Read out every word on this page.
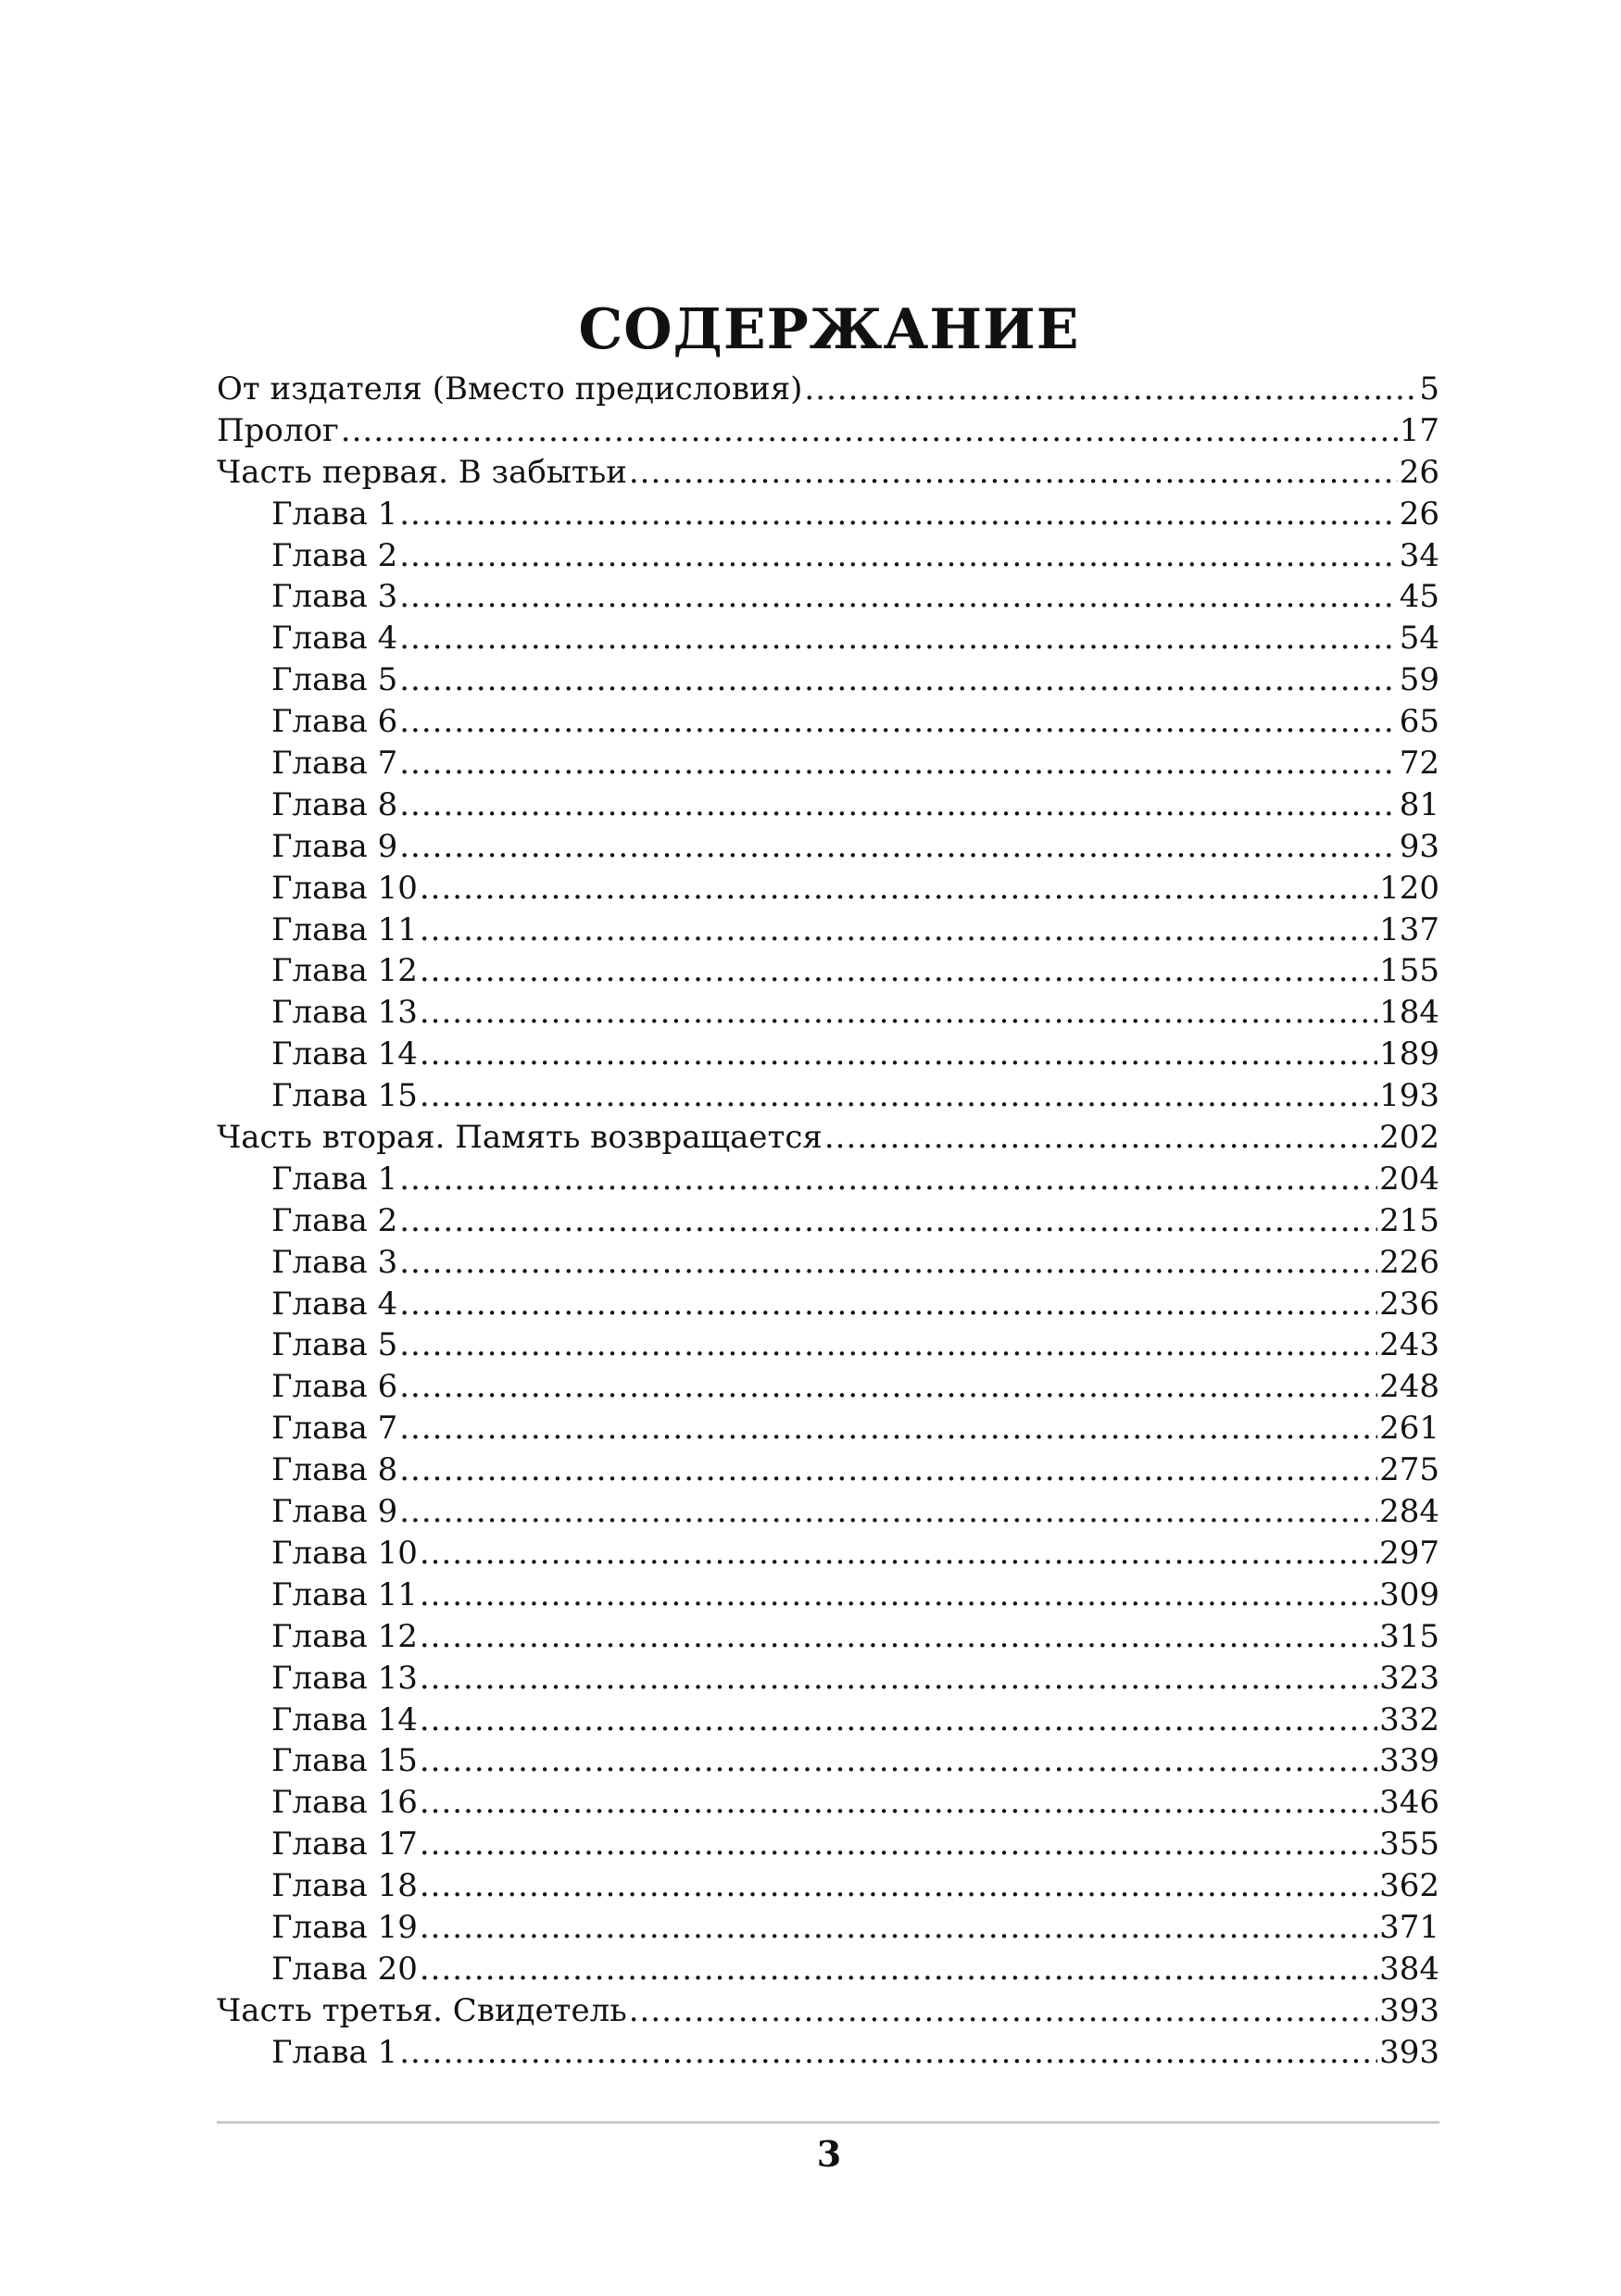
СОДЕРЖАНИЕ
От издателя (Вместо предисловия) .....	5
Пролог .....	17
Часть первая. В забытьи .....	26
Глава 1 .....	26
Глава 2 .....	34
Глава 3 .....	45
Глава 4 .....	54
Глава 5 .....	59
Глава 6 .....	65
Глава 7 .....	72
Глава 8 .....	81
Глава 9 .....	93
Глава 10 .....	120
Глава 11 .....	137
Глава 12 .....	155
Глава 13 .....	184
Глава 14 .....	189
Глава 15 .....	193
Часть вторая. Память возвращается .....	202
Глава 1 .....	204
Глава 2 .....	215
Глава 3 .....	226
Глава 4 .....	236
Глава 5 .....	243
Глава 6 .....	248
Глава 7 .....	261
Глава 8 .....	275
Глава 9 .....	284
Глава 10 .....	297
Глава 11 .....	309
Глава 12 .....	315
Глава 13 .....	323
Глава 14 .....	332
Глава 15 .....	339
Глава 16 .....	346
Глава 17 .....	355
Глава 18 .....	362
Глава 19 .....	371
Глава 20 .....	384
Часть третья. Свидетель .....	393
Глава 1 .....	393
3
